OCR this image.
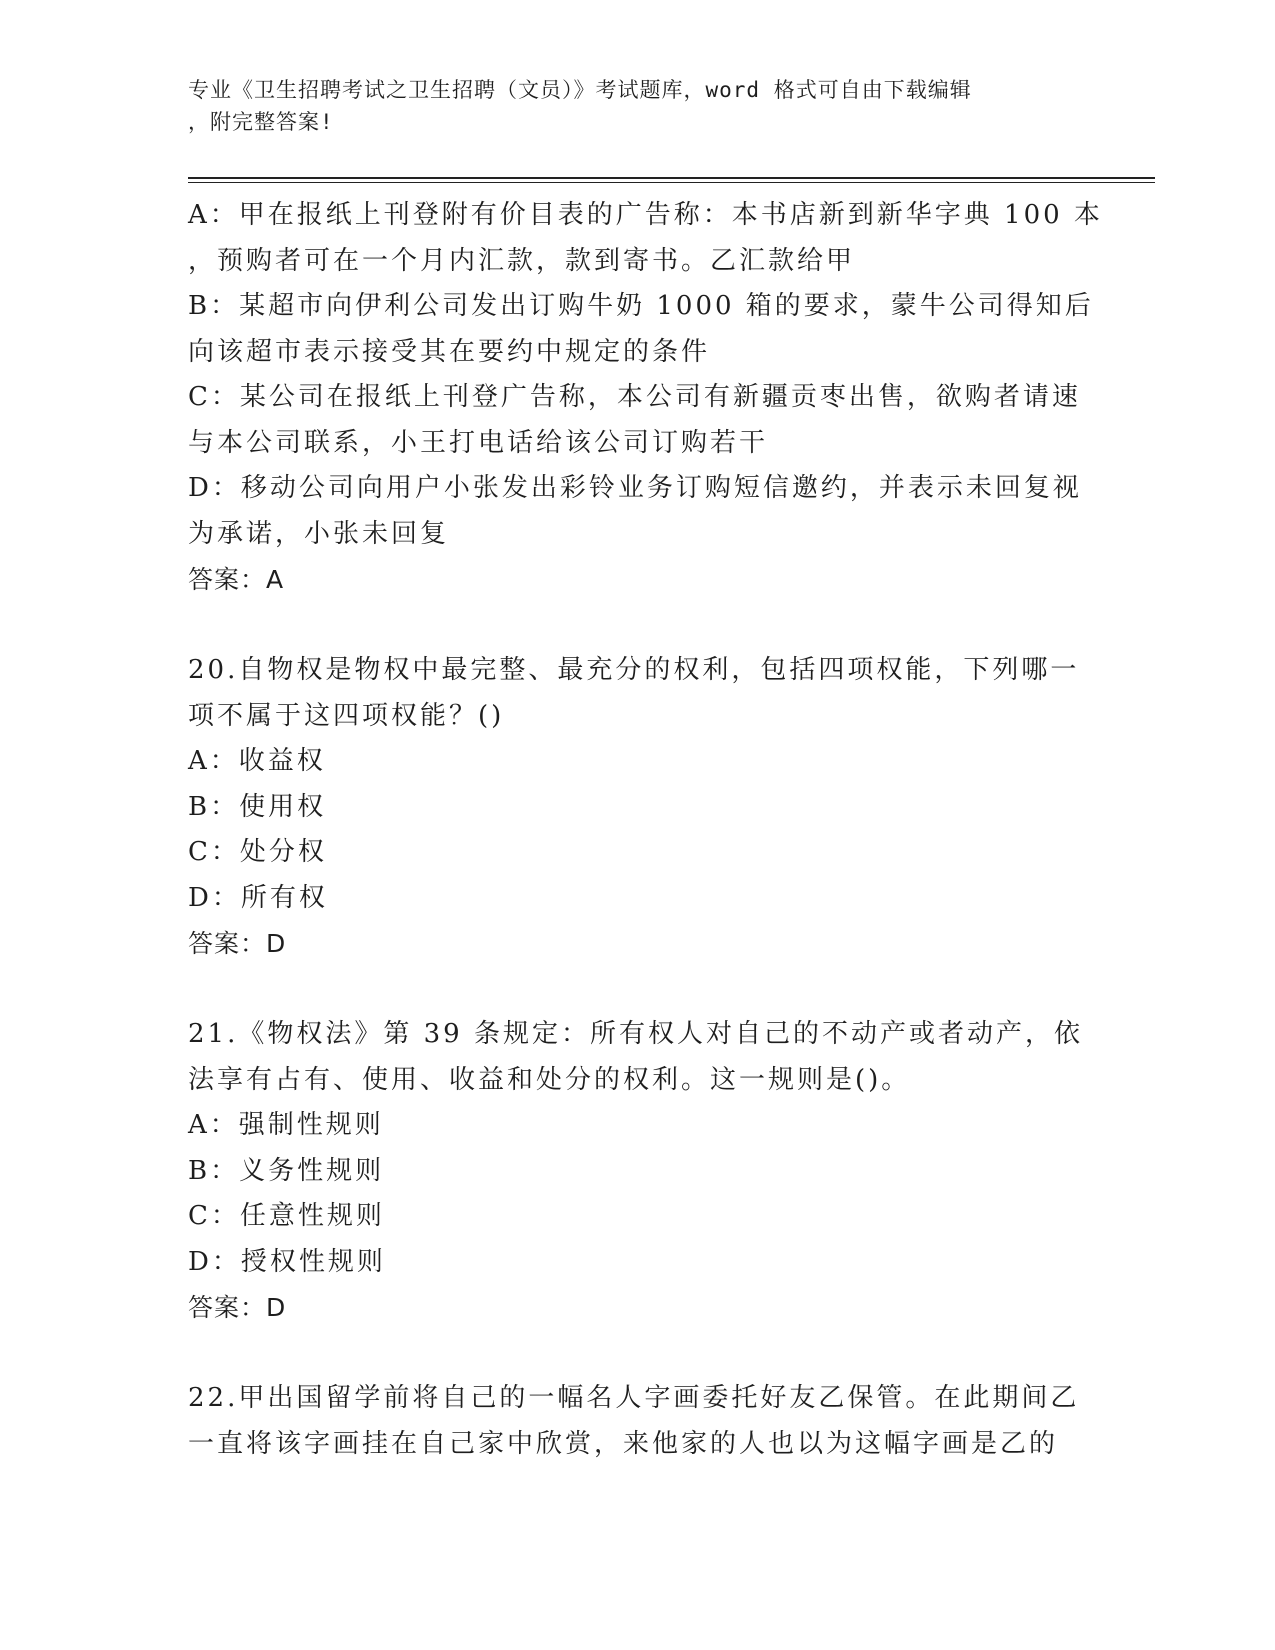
专业《卫生招聘考试之卫生招聘（文员）》考试题库，word 格式可自由下载编辑
，附完整答案!
A：甲在报纸上刊登附有价目表的广告称：本书店新到新华字典 100 本
，预购者可在一个月内汇款，款到寄书。乙汇款给甲
B：某超市向伊利公司发出订购牛奶 1000 箱的要求，蒙牛公司得知后
向该超市表示接受其在要约中规定的条件
C：某公司在报纸上刊登广告称，本公司有新疆贡枣出售，欲购者请速
与本公司联系，小王打电话给该公司订购若干
D：移动公司向用户小张发出彩铃业务订购短信邀约，并表示未回复视
为承诺，小张未回复
答案：A
20.自物权是物权中最完整、最充分的权利，包括四项权能，下列哪一
项不属于这四项权能？()
A：收益权
B：使用权
C：处分权
D：所有权
答案：D
21.《物权法》第 39 条规定：所有权人对自己的不动产或者动产，依
法享有占有、使用、收益和处分的权利。这一规则是()。
A：强制性规则
B：义务性规则
C：任意性规则
D：授权性规则
答案：D
22.甲出国留学前将自己的一幅名人字画委托好友乙保管。在此期间乙
一直将该字画挂在自己家中欣赏，来他家的人也以为这幅字画是乙的
